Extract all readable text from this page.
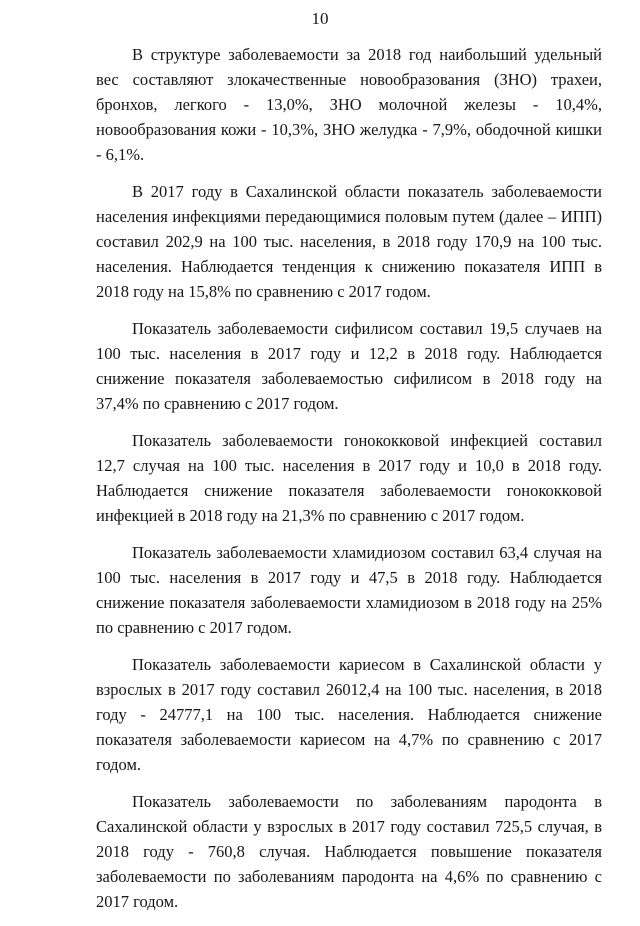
10

В структуре заболеваемости за 2018 год наибольший удельный вес составляют злокачественные новообразования (ЗНО) трахеи, бронхов, легкого - 13,0%, ЗНО молочной железы - 10,4%, новообразования кожи - 10,3%, ЗНО желудка - 7,9%, ободочной кишки - 6,1%.

В 2017 году в Сахалинской области показатель заболеваемости населения инфекциями передающимися половым путем (далее – ИПП) составил 202,9 на 100 тыс. населения, в 2018 году 170,9 на 100 тыс. населения. Наблюдается тенденция к снижению показателя ИПП в 2018 году на 15,8% по сравнению с 2017 годом.

Показатель заболеваемости сифилисом составил 19,5 случаев на 100 тыс. населения в 2017 году и 12,2 в 2018 году. Наблюдается снижение показателя заболеваемостью сифилисом в 2018 году на 37,4% по сравнению с 2017 годом.

Показатель заболеваемости гонококковой инфекцией составил 12,7 случая на 100 тыс. населения в 2017 году и 10,0 в 2018 году. Наблюдается снижение показателя заболеваемости гонококковой инфекцией в 2018 году на 21,3% по сравнению с 2017 годом.

Показатель заболеваемости хламидиозом составил 63,4 случая на 100 тыс. населения в 2017 году и 47,5 в 2018 году. Наблюдается снижение показателя заболеваемости хламидиозом в 2018 году на 25% по сравнению с 2017 годом.

Показатель заболеваемости кариесом в Сахалинской области у взрослых в 2017 году составил 26012,4 на 100 тыс. населения, в 2018 году - 24777,1 на 100 тыс. населения. Наблюдается снижение показателя заболеваемости кариесом на 4,7% по сравнению с 2017 годом.

Показатель заболеваемости по заболеваниям пародонта в Сахалинской области у взрослых в 2017 году составил 725,5 случая, в 2018 году - 760,8 случая. Наблюдается повышение показателя заболеваемости по заболеваниям пародонта на 4,6% по сравнению с 2017 годом.
